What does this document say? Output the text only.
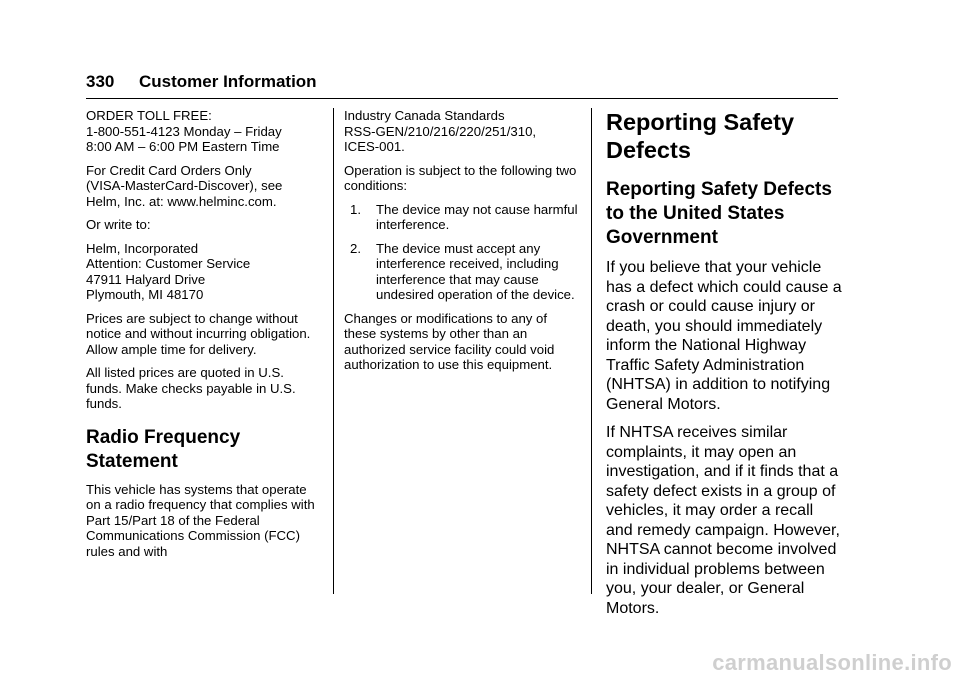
330 Customer Information

ORDER TOLL FREE:
1-800-551-4123 Monday – Friday
8:00 AM – 6:00 PM Eastern Time

For Credit Card Orders Only
(VISA-MasterCard-Discover), see
Helm, Inc. at: www.helminc.com.

Or write to:

Helm, Incorporated
Attention: Customer Service
47911 Halyard Drive
Plymouth, MI 48170

Prices are subject to change without notice and without incurring obligation. Allow ample time for delivery.

All listed prices are quoted in U.S. funds. Make checks payable in U.S. funds.

Radio Frequency Statement

This vehicle has systems that operate on a radio frequency that complies with Part 15/Part 18 of the Federal Communications Commission (FCC) rules and with

Industry Canada Standards
RSS-GEN/210/216/220/251/310,
ICES-001.

Operation is subject to the following two conditions:

1. The device may not cause harmful interference.
2. The device must accept any interference received, including interference that may cause undesired operation of the device.

Changes or modifications to any of these systems by other than an authorized service facility could void authorization to use this equipment.

Reporting Safety Defects
Reporting Safety Defects to the United States Government

If you believe that your vehicle has a defect which could cause a crash or could cause injury or death, you should immediately inform the National Highway Traffic Safety Administration (NHTSA) in addition to notifying General Motors.

If NHTSA receives similar complaints, it may open an investigation, and if it finds that a safety defect exists in a group of vehicles, it may order a recall and remedy campaign. However, NHTSA cannot become involved in individual problems between you, your dealer, or General Motors.

carmanualsonline.info
